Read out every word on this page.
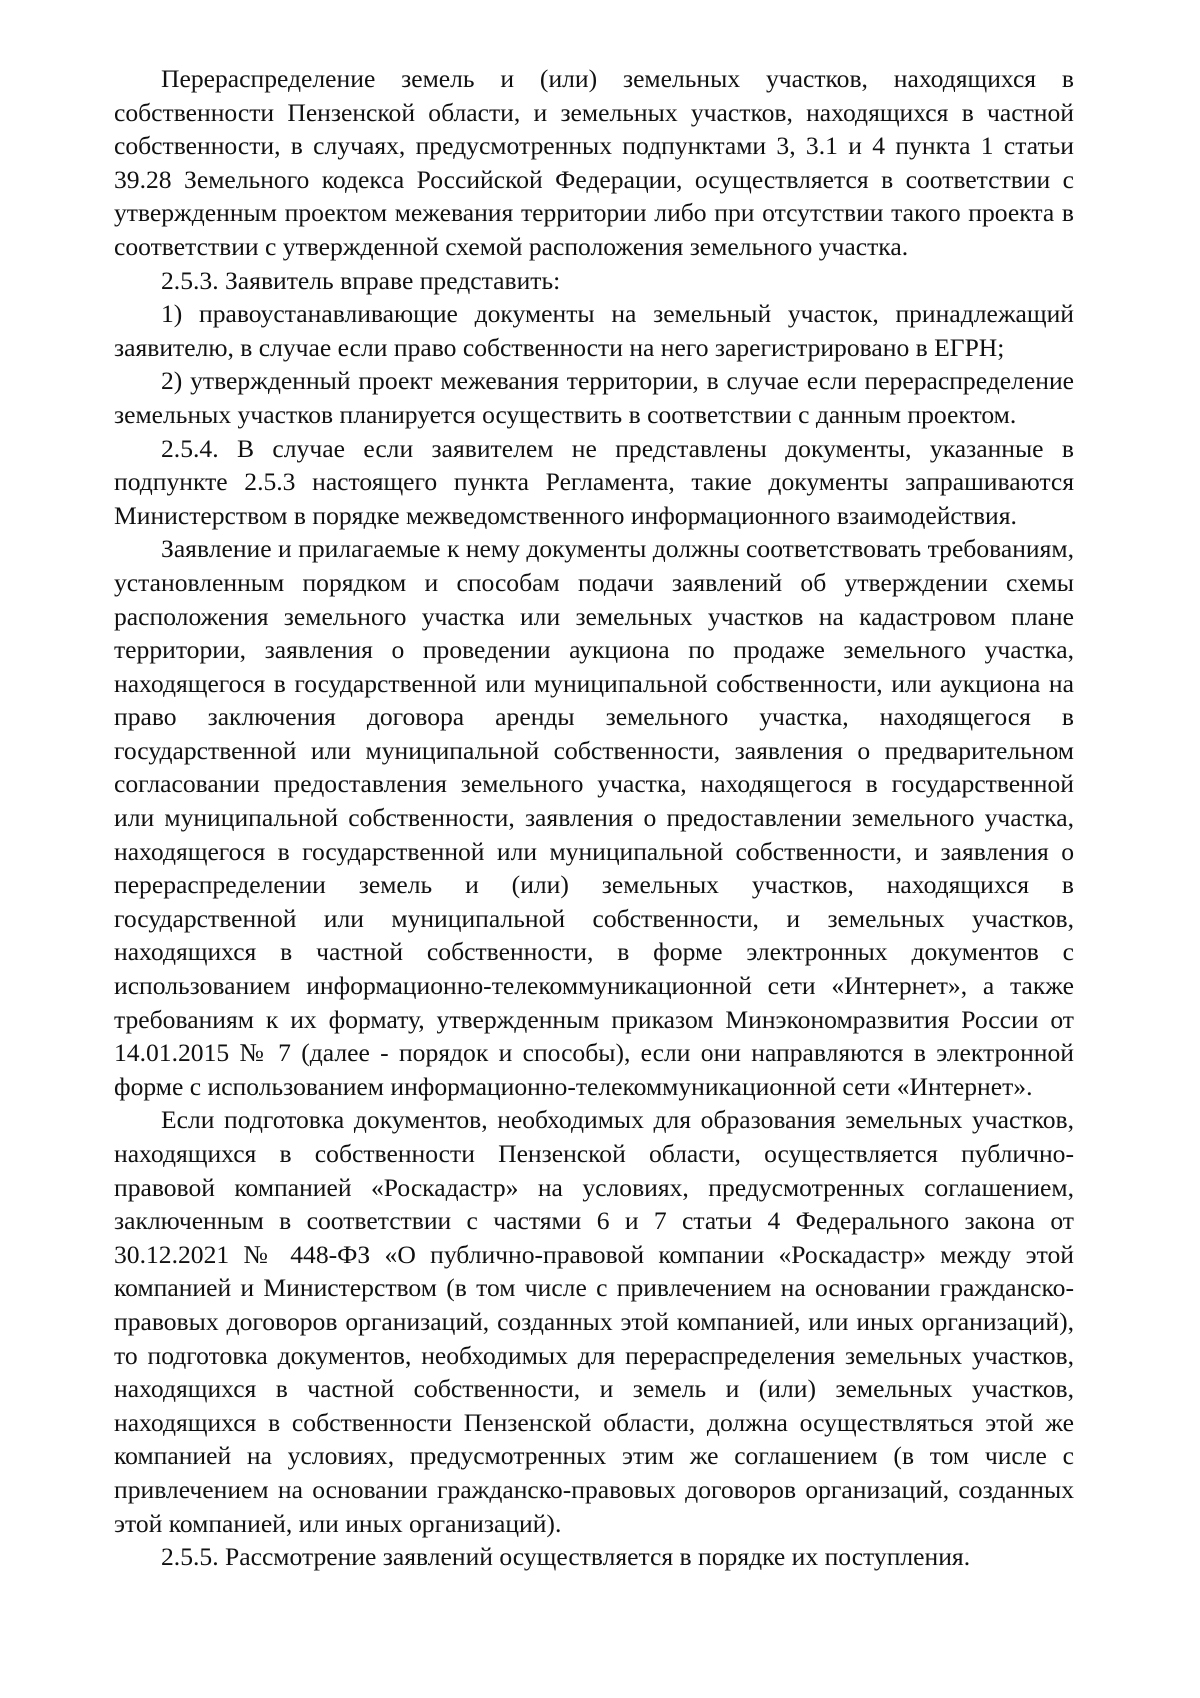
Перераспределение земель и (или) земельных участков, находящихся в собственности Пензенской области, и земельных участков, находящихся в частной собственности, в случаях, предусмотренных подпунктами 3, 3.1 и 4 пункта 1 статьи 39.28 Земельного кодекса Российской Федерации, осуществляется в соответствии с утвержденным проектом межевания территории либо при отсутствии такого проекта в соответствии с утвержденной схемой расположения земельного участка.

2.5.3. Заявитель вправе представить:

1) правоустанавливающие документы на земельный участок, принадлежащий заявителю, в случае если право собственности на него зарегистрировано в ЕГРН;

2) утвержденный проект межевания территории, в случае если перераспределение земельных участков планируется осуществить в соответствии с данным проектом.

2.5.4. В случае если заявителем не представлены документы, указанные в подпункте 2.5.3 настоящего пункта Регламента, такие документы запрашиваются Министерством в порядке межведомственного информационного взаимодействия.

Заявление и прилагаемые к нему документы должны соответствовать требованиям, установленным порядком и способам подачи заявлений об утверждении схемы расположения земельного участка или земельных участков на кадастровом плане территории, заявления о проведении аукциона по продаже земельного участка, находящегося в государственной или муниципальной собственности, или аукциона на право заключения договора аренды земельного участка, находящегося в государственной или муниципальной собственности, заявления о предварительном согласовании предоставления земельного участка, находящегося в государственной или муниципальной собственности, заявления о предоставлении земельного участка, находящегося в государственной или муниципальной собственности, и заявления о перераспределении земель и (или) земельных участков, находящихся в государственной или муниципальной собственности, и земельных участков, находящихся в частной собственности, в форме электронных документов с использованием информационно-телекоммуникационной сети «Интернет», а также требованиям к их формату, утвержденным приказом Минэкономразвития России от 14.01.2015 № 7 (далее - порядок и способы), если они направляются в электронной форме с использованием информационно-телекоммуникационной сети «Интернет».

Если подготовка документов, необходимых для образования земельных участков, находящихся в собственности Пензенской области, осуществляется публично-правовой компанией «Роскадастр» на условиях, предусмотренных соглашением, заключенным в соответствии с частями 6 и 7 статьи 4 Федерального закона от 30.12.2021 № 448-ФЗ «О публично-правовой компании «Роскадастр» между этой компанией и Министерством (в том числе с привлечением на основании гражданско-правовых договоров организаций, созданных этой компанией, или иных организаций), то подготовка документов, необходимых для перераспределения земельных участков, находящихся в частной собственности, и земель и (или) земельных участков, находящихся в собственности Пензенской области, должна осуществляться этой же компанией на условиях, предусмотренных этим же соглашением (в том числе с привлечением на основании гражданско-правовых договоров организаций, созданных этой компанией, или иных организаций).

2.5.5. Рассмотрение заявлений осуществляется в порядке их поступления.
